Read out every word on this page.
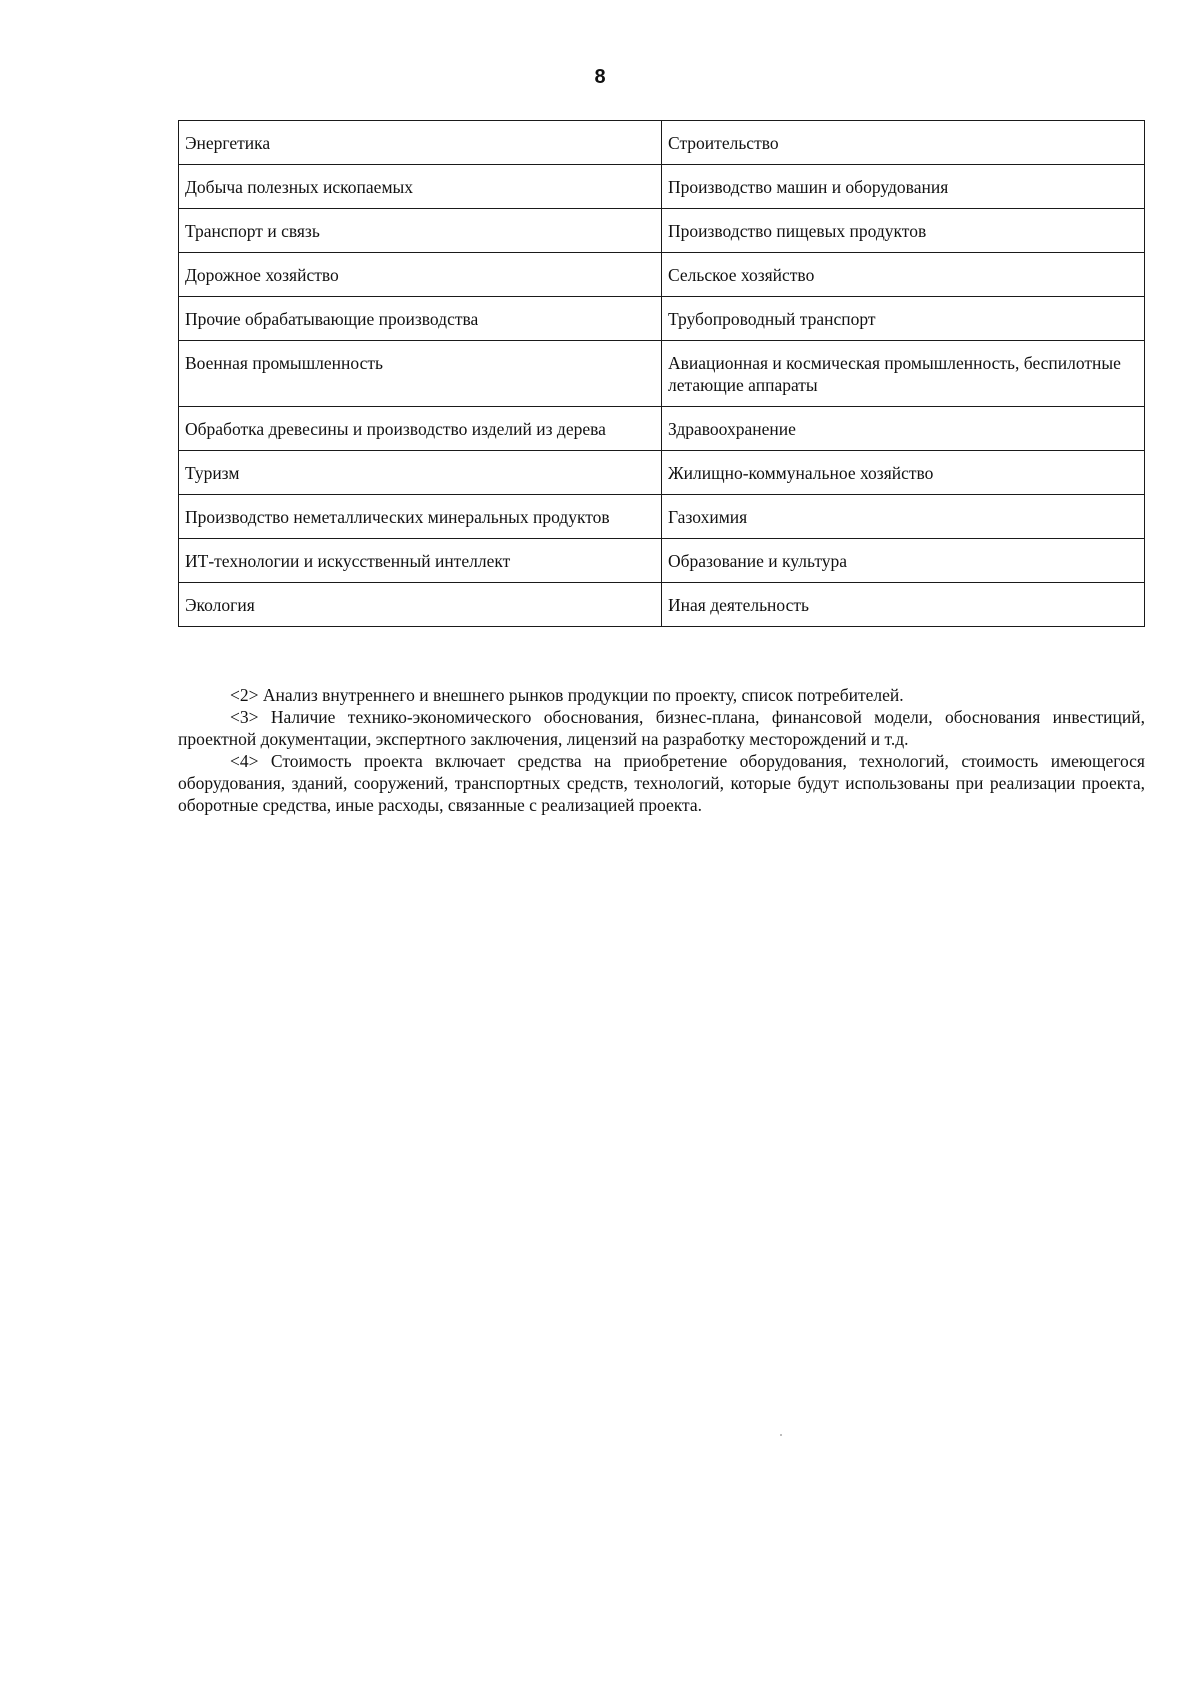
8
Энергетика	Строительство
Добыча полезных ископаемых	Производство машин и оборудования
Транспорт и связь	Производство пищевых продуктов
Дорожное хозяйство	Сельское хозяйство
Прочие обрабатывающие производства	Трубопроводный транспорт
Военная промышленность	Авиационная и космическая промышленность, беспилотные летающие аппараты
Обработка древесины и производство изделий из дерева	Здравоохранение
Туризм	Жилищно-коммунальное хозяйство
Производство неметаллических минеральных продуктов	Газохимия
ИТ-технологии и искусственный интеллект	Образование и культура
Экология	Иная деятельность

<2> Анализ внутреннего и внешнего рынков продукции по проекту, список потребителей.

<3> Наличие технико-экономического обоснования, бизнес-плана, финансовой модели, обоснования инвестиций, проектной документации, экспертного заключения, лицензий на разработку месторождений и т.д.

<4> Стоимость проекта включает средства на приобретение оборудования, технологий, стоимость имеющегося оборудования, зданий, сооружений, транспортных средств, технологий, которые будут использованы при реализации проекта, оборотные средства, иные расходы, связанные с реализацией проекта.
